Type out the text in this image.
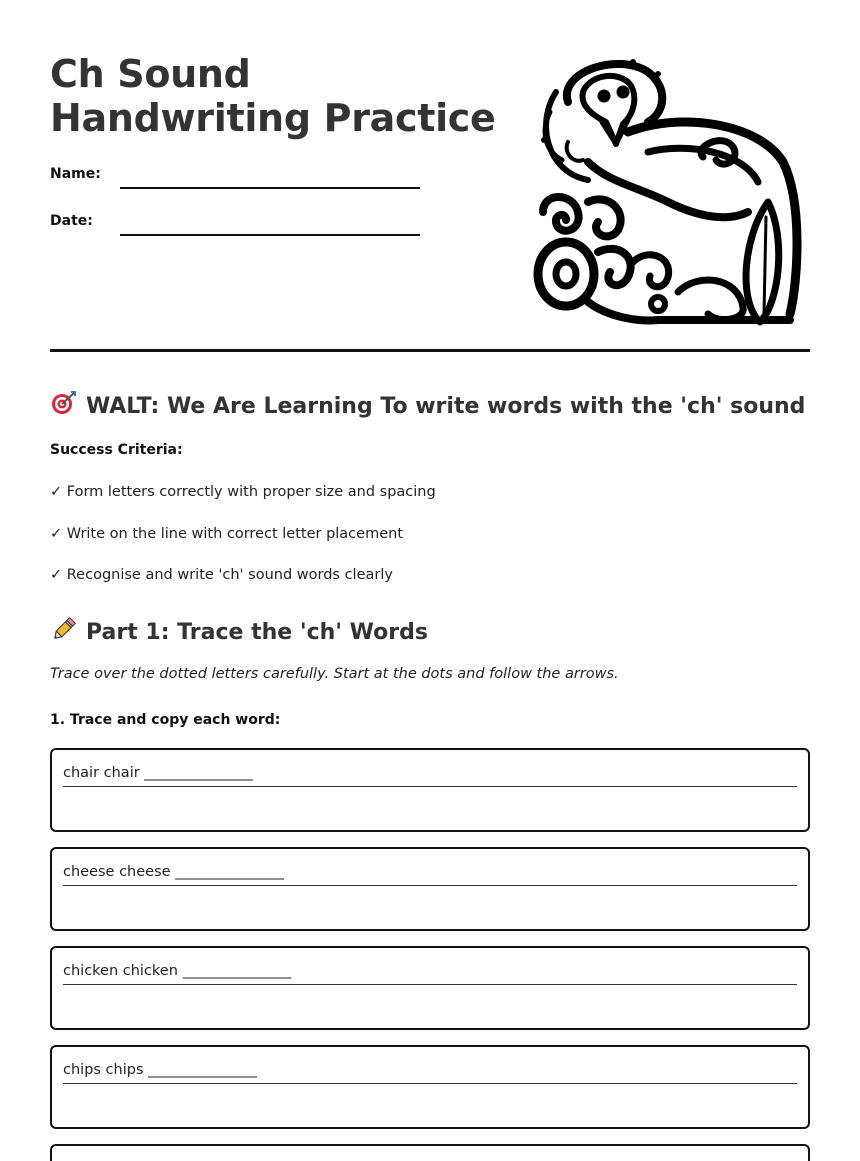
Ch Sound Handwriting Practice
Name:
Date:
WALT: We Are Learning To write words with the 'ch' sound
Success Criteria:
✓ Form letters correctly with proper size and spacing
✓ Write on the line with correct letter placement
✓ Recognise and write 'ch' sound words clearly
Part 1: Trace the 'ch' Words
Trace over the dotted letters carefully. Start at the dots and follow the arrows.
1. Trace and copy each word:
chair chair _______________
cheese cheese _______________
chicken chicken _______________
chips chips _______________
